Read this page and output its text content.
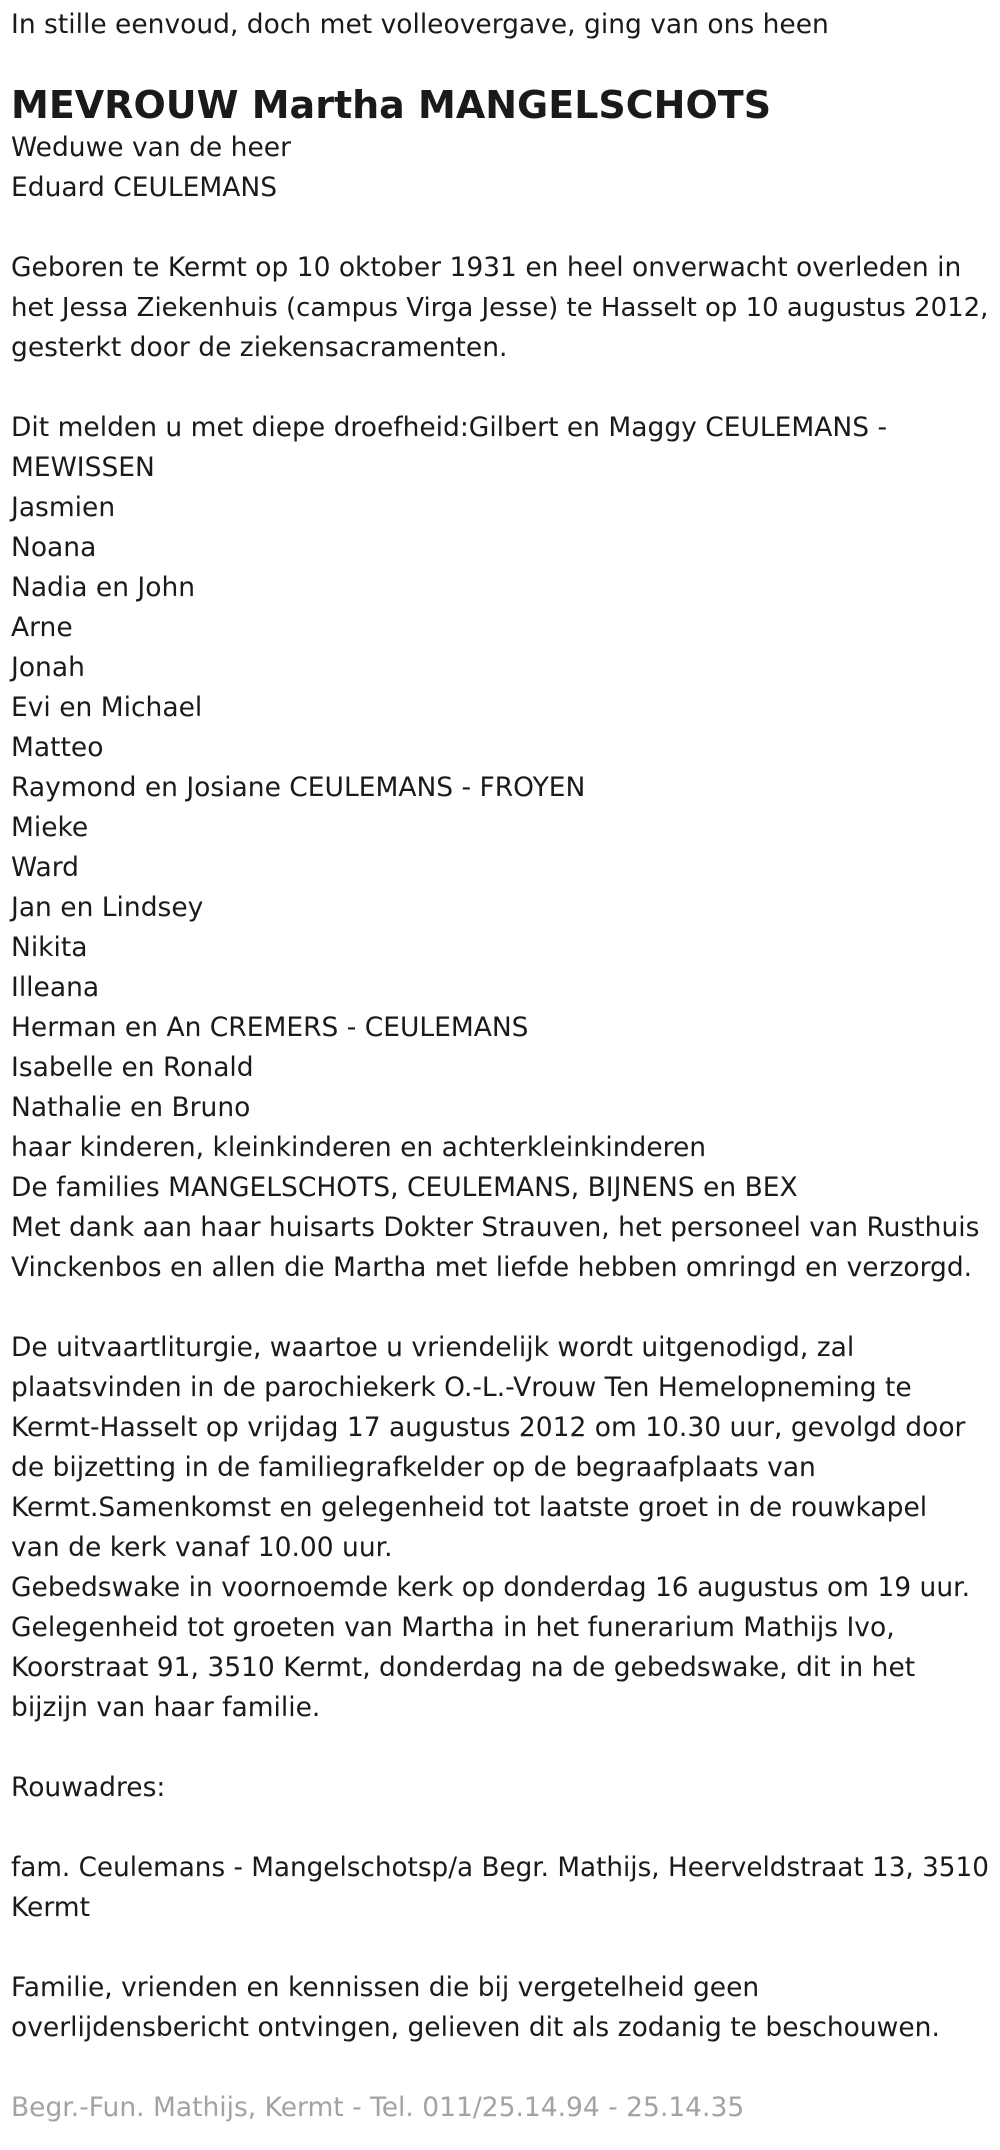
In stille eenvoud, doch met volleovergave, ging van ons heen
MEVROUW Martha MANGELSCHOTS
Weduwe van de heer
Eduard CEULEMANS
Geboren te Kermt op 10 oktober 1931 en heel onverwacht overleden in
het Jessa Ziekenhuis (campus Virga Jesse) te Hasselt op 10 augustus 2012,
gesterkt door de ziekensacramenten.
Dit melden u met diepe droefheid:Gilbert en Maggy CEULEMANS -
MEWISSEN
Jasmien
Noana
Nadia en John
Arne
Jonah
Evi en Michael
Matteo
Raymond en Josiane CEULEMANS - FROYEN
Mieke
Ward
Jan en Lindsey
Nikita
Illeana
Herman en An CREMERS - CEULEMANS
Isabelle en Ronald
Nathalie en Bruno
haar kinderen, kleinkinderen en achterkleinkinderen
De families MANGELSCHOTS, CEULEMANS, BIJNENS en BEX
Met dank aan haar huisarts Dokter Strauven, het personeel van Rusthuis
Vinckenbos en allen die Martha met liefde hebben omringd en verzorgd.
De uitvaartliturgie, waartoe u vriendelijk wordt uitgenodigd, zal
plaatsvinden in de parochiekerk O.-L.-Vrouw Ten Hemelopneming te
Kermt-Hasselt op vrijdag 17 augustus 2012 om 10.30 uur, gevolgd door
de bijzetting in de familiegrafkelder op de begraafplaats van
Kermt.Samenkomst en gelegenheid tot laatste groet in de rouwkapel
van de kerk vanaf 10.00 uur.
Gebedswake in voornoemde kerk op donderdag 16 augustus om 19 uur.
Gelegenheid tot groeten van Martha in het funerarium Mathijs Ivo,
Koorstraat 91, 3510 Kermt, donderdag na de gebedswake, dit in het
bijzijn van haar familie.
Rouwadres:
fam. Ceulemans - Mangelschotsp/a Begr. Mathijs, Heerveldstraat 13, 3510
Kermt
Familie, vrienden en kennissen die bij vergetelheid geen
overlijdensbericht ontvingen, gelieven dit als zodanig te beschouwen.
Begr.-Fun. Mathijs, Kermt - Tel. 011/25.14.94 - 25.14.35
